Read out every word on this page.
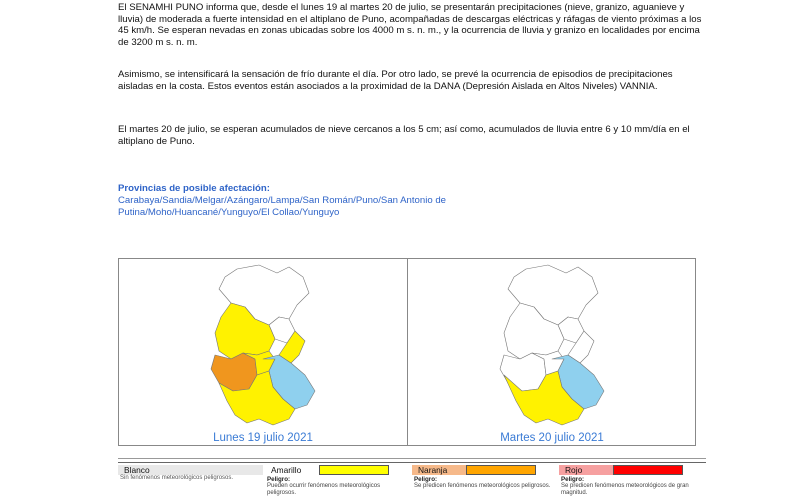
El SENAMHI PUNO informa que, desde el lunes 19 al martes 20 de julio, se presentarán precipitaciones (nieve, granizo, aguanieve y lluvia) de moderada a fuerte intensidad en el altiplano de Puno, acompañadas de descargas eléctricas y ráfagas de viento próximas a los 45 km/h. Se esperan nevadas en zonas ubicadas sobre los 4000 m s. n. m., y la ocurrencia de lluvia y granizo en localidades por encima de 3200 m s. n. m.

Asimismo, se intensificará la sensación de frío durante el día. Por otro lado, se prevé la ocurrencia de episodios de precipitaciones aisladas en la costa. Estos eventos están asociados a la proximidad de la DANA (Depresión Aislada en Altos Niveles) VANNIA.

El martes 20 de julio, se esperan acumulados de nieve cercanos a los 5 cm; así como, acumulados de lluvia entre 6 y 10 mm/día en el altiplano de Puno.

Provincias de posible afectación:
Carabaya/Sandia/Melgar/Azángaro/Lampa/San Román/Puno/San Antonio de Putina/Moho/Huancané/Yunguyo/El Collao/Yunguyo
Lunes 19 julio 2021	Martes 20 julio 2021
Blanco
Sin fenómenos meteorológicos peligrosos.
Amarillo
Peligro:
Pueden ocurrir fenómenos meteorológicos peligrosos.
Naranja
Peligro:
Se predicen fenómenos meteorológicos peligrosos.
Rojo
Peligro:
Se predicen fenómenos meteorológicos de gran magnitud.
